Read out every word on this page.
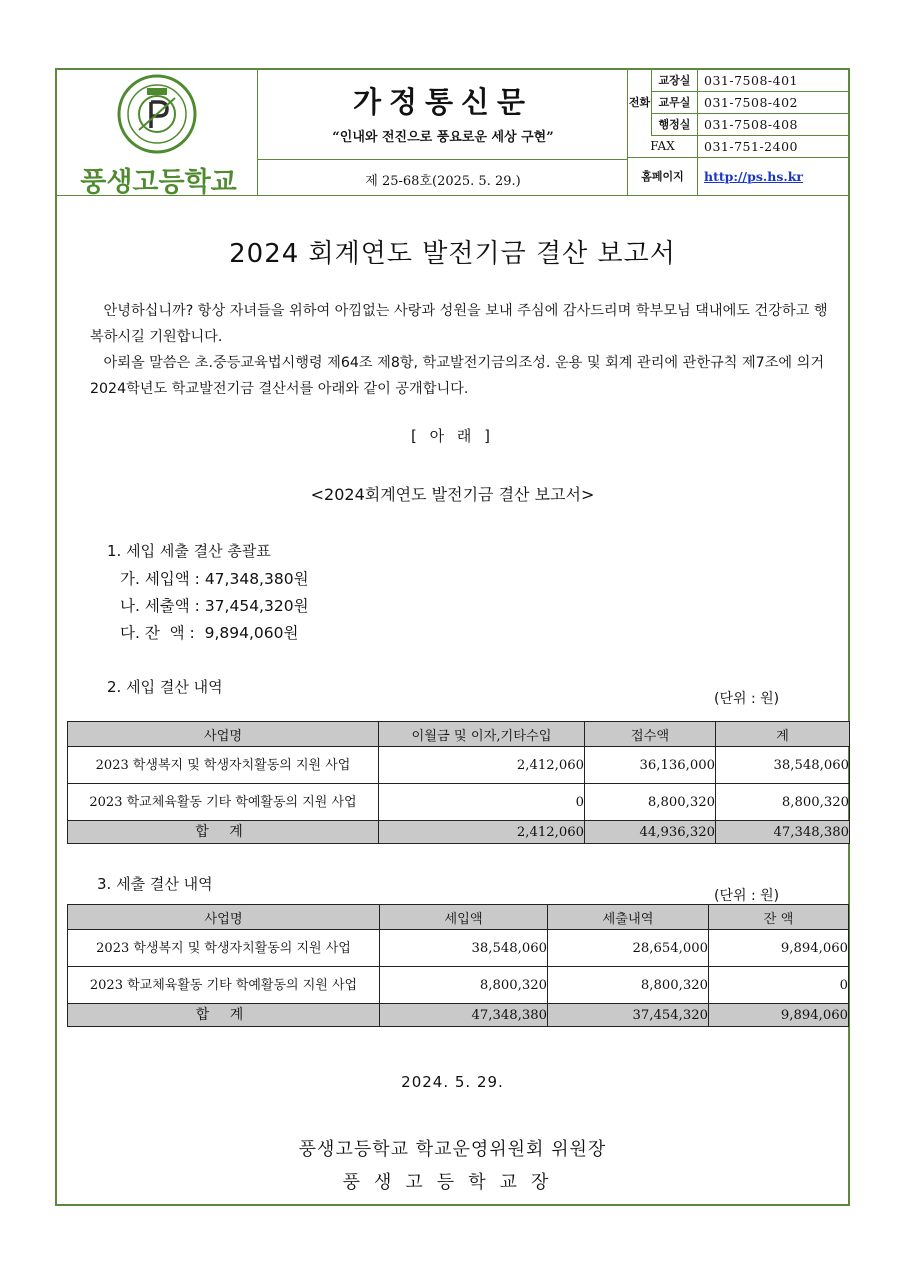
풍생고등학교
가정통신문
“인내와 전진으로 풍요로운 세상 구현”
제 25-68호(2025. 5. 29.)
전화
교장실	031-7508-401
교무실	031-7508-402
행정실	031-7508-408
FAX	031-751-2400
홈페이지	http://ps.hs.kr
2024 회계연도 발전기금 결산 보고서
안녕하십니까? 항상 자녀들을 위하여 아낌없는 사랑과 성원을 보내 주심에 감사드리며 학부모님 댁내에도 건강하고 행복하시길 기원합니다.
아뢰올 말씀은 초.중등교육법시행령 제64조 제8항, 학교발전기금의조성. 운용 및 회계 관리에 관한규칙 제7조에 의거 2024학년도 학교발전기금 결산서를 아래와 같이 공개합니다.
[ 아 래 ]
<2024회계연도 발전기금 결산 보고서>
1. 세입 세출 결산 총괄표
가. 세입액 : 47,348,380원
나. 세출액 : 37,454,320원
다. 잔  액 :  9,894,060원
2. 세입 결산 내역
(단위 : 원)
사업명	이월금 및 이자,기타수입	접수액	계
2023 학생복지 및 학생자치활동의 지원 사업	2,412,060	36,136,000	38,548,060
2023 학교체육활동 기타 학예활동의 지원 사업	0	8,800,320	8,800,320
합 계	2,412,060	44,936,320	47,348,380
3. 세출 결산 내역
(단위 : 원)
사업명	세입액	세출내역	잔 액
2023 학생복지 및 학생자치활동의 지원 사업	38,548,060	28,654,000	9,894,060
2023 학교체육활동 기타 학예활동의 지원 사업	8,800,320	8,800,320	0
합 계	47,348,380	37,454,320	9,894,060
2024. 5. 29.
풍생고등학교 학교운영위원회 위원장
풍생고등학교장
